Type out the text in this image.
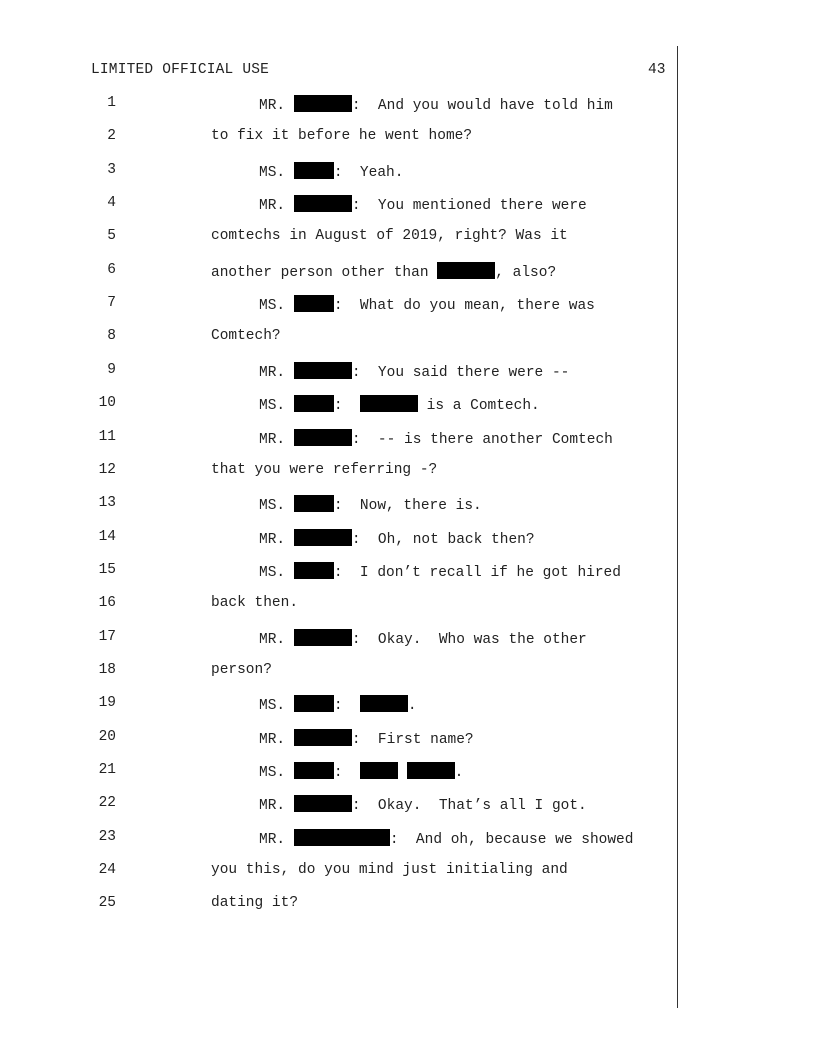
LIMITED OFFICIAL USE	43
1	MR.	:  And you would have told him
2	to fix it before he went home?
3	MS.	:  Yeah.
4	MR.	:  You mentioned there were
5	comtechs in August of 2019, right? Was it
6	another person other than	, also?
7	MS.	:  What do you mean, there was
8	Comtech?
9	MR.	:  You said there were --
10	MS.	:	is a Comtech.
11	MR.	:  -- is there another Comtech
12	that you were referring -?
13	MS.	:  Now, there is.
14	MR.	:  Oh, not back then?
15	MS.	:  I don’t recall if he got hired
16	back then.
17	MR.	:  Okay.  Who was the other
18	person?
19	MS.	:	.
20	MR.	:  First name?
21	MS.	:	.
22	MR.	:  Okay.  That’s all I got.
23	MR.	:  And oh, because we showed
24	you this, do you mind just initialing and
25	dating it?
